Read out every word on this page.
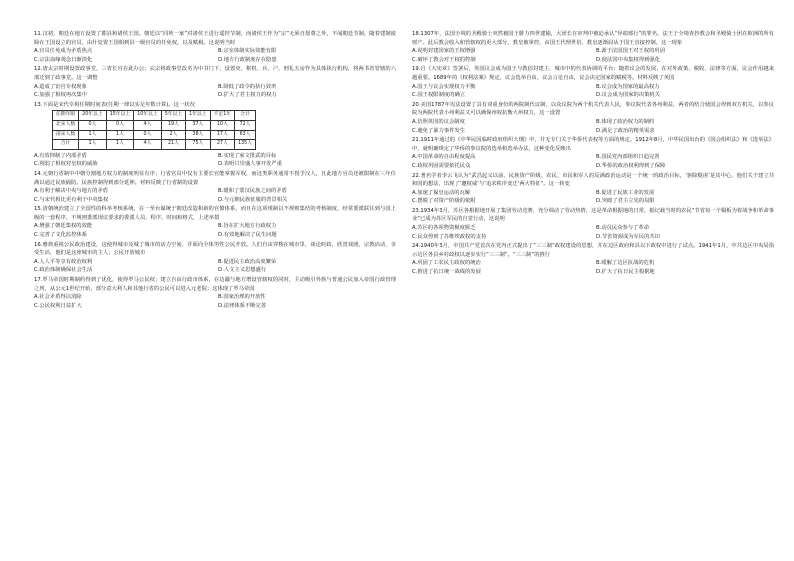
11.汉初，朝廷在地方设置了郡县和诸侯王国。朝廷以“同姓一家”对诸侯王进行遥控节制，而诸侯王作为“宗”无须自愿尊之外，不闻朝廷节制，随着建制废除在王国设立的官员，由什处置王国相到县一级官员的任免权，以及赋税。这说明当时
A.官员任免成为矛盾焦点	B.宗室体制实际效能有限
C.宗法血缘观念日渐淡化	D.地方行政制度存在隐患
12.唐太宗时期设置政事堂，三省长官在此办公；玄宗将政事堂改名为中书门下，设置吏、枢机、兵、户、刑礼五房作为具体执行机构，将两书省管辖的六部迁到了政事堂。这一调整
A.造成了宦官专权现象	B.降低了政令的执行效率
C.加强了相权再次集中	D.扩大了君主权力的权力
13.下面是宋代宰相任期时间表(任期一律以实足年数计算)。这一状况
任期年限	20年以上	15年以上	10年以上	5年以上	1年以上	不足1年	合计
北宋人数	0人	0人	4人	19人	37人	10人	72人
南宋人数	1人	1人	0人	2人	38人	17人	63人
合计	1人	1人	4人	21人	75人	27人	135人
A.有效抑制了内部矛盾	B.实现了家文排武的目标
C.削弱了相权对皇权的威胁	D.表明只崇盛人事开发严重
14.元朝行省制中中朝分割地方权力的制度明显有序；行省官员中仅有主要长官能掌握军权，而这类职务通常不授予汉人，且此地方官员还被限制在三年任满以通过民族隔防。民族控制得到部分延伸。材料反映了行省制的设置
A.有利于解决中央与地方的矛盾	B.缓和了蒙汉民族之间的矛盾
C.与宋代相比更有利于中央集权	D.与元朝民族征服的背景相关
15.清朝统治建立了全国性的科举考核系统，在一至台谋统于朝廷改造和新的官僚体系，而且在这项规制以不规则集结的考核制度，经常委派联任到与国上级的一套程序，不规则委派现议要求的委派人员、程序、时间和格式，上述举措
A.增强了朝廷集权的效能	B.旨在扩大地方行政权力
C.完善了文化监控体系	D.有效地解决了民生问题
16.雅典重视公民政治建设，这使得城市及城了城市的活力空间，并面向全体男性公民开放。人们自由穿梭在城市里，谈论时政，欣赏戏剧，宗教活动，享受生活，他们是这座城市的主人；公民开放城市
A.人人平等享有政治权利	B.促进民主政治高度繁荣
C.政治体制确保社会生活	D.人文主义思想盛行
17.罗马帝国时期制约得到了优化，使得罗马公民权；建立自由行政市体系，在边疆与地方增设管辖权的同时，主动吸引外族与普通公民加入帝国行政管理之列，从公元1世纪开始，部分意大利人和其他行省的公民可以进入元老院；这体现了罗马帝国
A.社会矛盾得以消除	B.国家治理的开放性
C.公民权利日益扩大	D.法律体系不断完善
18.1307年，法国全境的圣殿骑士突然被国王腓力四世逮捕，大团长在审判中被迫承认“异端邪行”的罪名，法王于全境查抄教会和圣殿骑士团在欧洲的所有财产。此后教会收入和管辖权的更大部分，教皇被掌控，由国王代理世俗、教皇逐渐屈从于国王直接控制。这一现象
A.说明封建国家的王权增强	B.源于法国国王对王权的巩固
C.破坏了教会对王权的控制	D.使法国中央集权得到强化
19.自《大宪章》签署后，英国议会成为国王与教俗封建主、城市中的代表协调的平台；随着议会的发展，在对外政策、税收、法律等方面，议会作用越来越重要。1689年的《权利法案》规定，议会选举自由，议会言论自由，议会决定国家的赋税等。材料反映了英国
A.国王与议会实现权力平衡	B.议会成为国家的最高权力
C.国王权限制度的确立	D.议会成为国家的决策机关
20.美国1787年宪法设置了具有双重身份的两院制代议制，以众议院为两个机关代表人民，参议院代表各州利益，两者的结合使国会得到双方机关，以参议院为两院代表小州利益又可以确保州权抗衡大州权力，这一设置
A.仿照英国的议会制度	B.体现了政治权力的制约
C.避免了暴力事件发生	D.满足了政治的精英需求
21.1911年通过的《中华民国临时政府组织大纲》中，并无专门关于华侨代表权等方面的规定。1912年8月，中华民国出台的《国会组织法》和《选举法》中，就明确规定了华侨的参议院的选举和选举办法，这种变化反映出
A.中国革命的自由程度提高	B.国民党内部组织日趋完善
C.政权巩固需要依托民众	D.华侨的政治权利得到了保障
22.著名学者李云飞认为“武昌起义以前，民族资产阶级、农民、市民和军人的反满政治运动是一个统一的政治目标，‘驱除鞑虏’是其中心，他们关于建立共和国的想法，出现了‘邀权威’与‘追求秩序变迁’两大特征”。这一转变
A.加速了保皇运动的瓦解	B.促进了民族工业的发展
C.摆脱了对资产阶级的依附	D.突破了君主立宪的局限
23.1934年3月，苏区各根据地开展了集团劳动竞赛，充分调动了劳动热情，这是革命根据地的日常，据记载当时的农民“节省每一个铜板为着战争和革命事业”已成为苏区军民的自觉行动，这说明
A.苏区的各项物资极度匮乏	B.动员民众参与了革命
C.民众得到了苏维埃政权的支持	D.节省资源成为军民的共识
24.1940年3月，中国共产党首次在党内正式提出了“三三制”政权建设的思想，并在边区政府和县以下政权中进行了试点。1941年1月，中共边区中央局指示边区各县乡村政权以逐步实行“三三制”。“三三制”的推行
A.巩固了工农民主政权的统治	B.缓解了边区抗战的危机
C.推进了抗日统一战线的发展	D.扩大了抗日民主根据地
